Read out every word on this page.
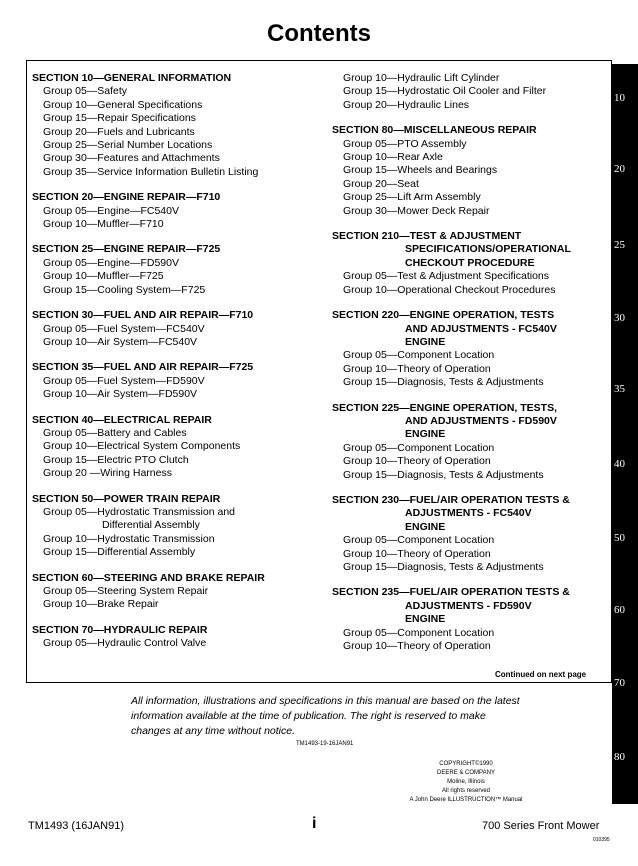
Contents
SECTION 10—GENERAL INFORMATION
Group 05—Safety
Group 10—General Specifications
Group 15—Repair Specifications
Group 20—Fuels and Lubricants
Group 25—Serial Number Locations
Group 30—Features and Attachments
Group 35—Service Information Bulletin Listing
SECTION 20—ENGINE REPAIR—F710
Group 05—Engine—FC540V
Group 10—Muffler—F710
SECTION 25—ENGINE REPAIR—F725
Group 05—Engine—FD590V
Group 10—Muffler—F725
Group 15—Cooling System—F725
SECTION 30—FUEL AND AIR REPAIR—F710
Group 05—Fuel System—FC540V
Group 10—Air System—FC540V
SECTION 35—FUEL AND AIR REPAIR—F725
Group 05—Fuel System—FD590V
Group 10—Air System—FD590V
SECTION 40—ELECTRICAL REPAIR
Group 05—Battery and Cables
Group 10—Electrical System Components
Group 15—Electric PTO Clutch
Group 20 —Wiring Harness
SECTION 50—POWER TRAIN REPAIR
Group 05—Hydrostatic Transmission and
Differential Assembly
Group 10—Hydrostatic Transmission
Group 15—Differential Assembly
SECTION 60—STEERING AND BRAKE REPAIR
Group 05—Steering System Repair
Group 10—Brake Repair
SECTION 70—HYDRAULIC REPAIR
Group 05—Hydraulic Control Valve
Group 10—Hydraulic Lift Cylinder
Group 15—Hydrostatic Oil Cooler and Filter
Group 20—Hydraulic Lines
SECTION 80—MISCELLANEOUS REPAIR
Group 05—PTO Assembly
Group 10—Rear Axle
Group 15—Wheels and Bearings
Group 20—Seat
Group 25—Lift Arm Assembly
Group 30—Mower Deck Repair
SECTION 210—TEST & ADJUSTMENT
SPECIFICATIONS/OPERATIONAL
CHECKOUT PROCEDURE
Group 05—Test & Adjustment Specifications
Group 10—Operational Checkout Procedures
SECTION 220—ENGINE OPERATION, TESTS
AND ADJUSTMENTS - FC540V
ENGINE
Group 05—Component Location
Group 10—Theory of Operation
Group 15—Diagnosis, Tests & Adjustments
SECTION 225—ENGINE OPERATION, TESTS,
AND ADJUSTMENTS - FD590V
ENGINE
Group 05—Component Location
Group 10—Theory of Operation
Group 15—Diagnosis, Tests & Adjustments
SECTION 230—FUEL/AIR OPERATION TESTS &
ADJUSTMENTS - FC540V
ENGINE
Group 05—Component Location
Group 10—Theory of Operation
Group 15—Diagnosis, Tests & Adjustments
SECTION 235—FUEL/AIR OPERATION TESTS &
ADJUSTMENTS - FD590V
ENGINE
Group 05—Component Location
Group 10—Theory of Operation
10
20
25
30
35
40
50
60
70
80
Continued on next page
All information, illustrations and specifications in this manual are based on the latest information available at the time of publication. The right is reserved to make changes at any time without notice.
TM1493-19-16JAN91
COPYRIGHT©1990
DEERE & COMPANY
Moline, Illinois
All rights reserved
A John Deere ILLUSTRUCTION™ Manual
TM1493 (16JAN91)	i	700 Series Front Mower
010395
